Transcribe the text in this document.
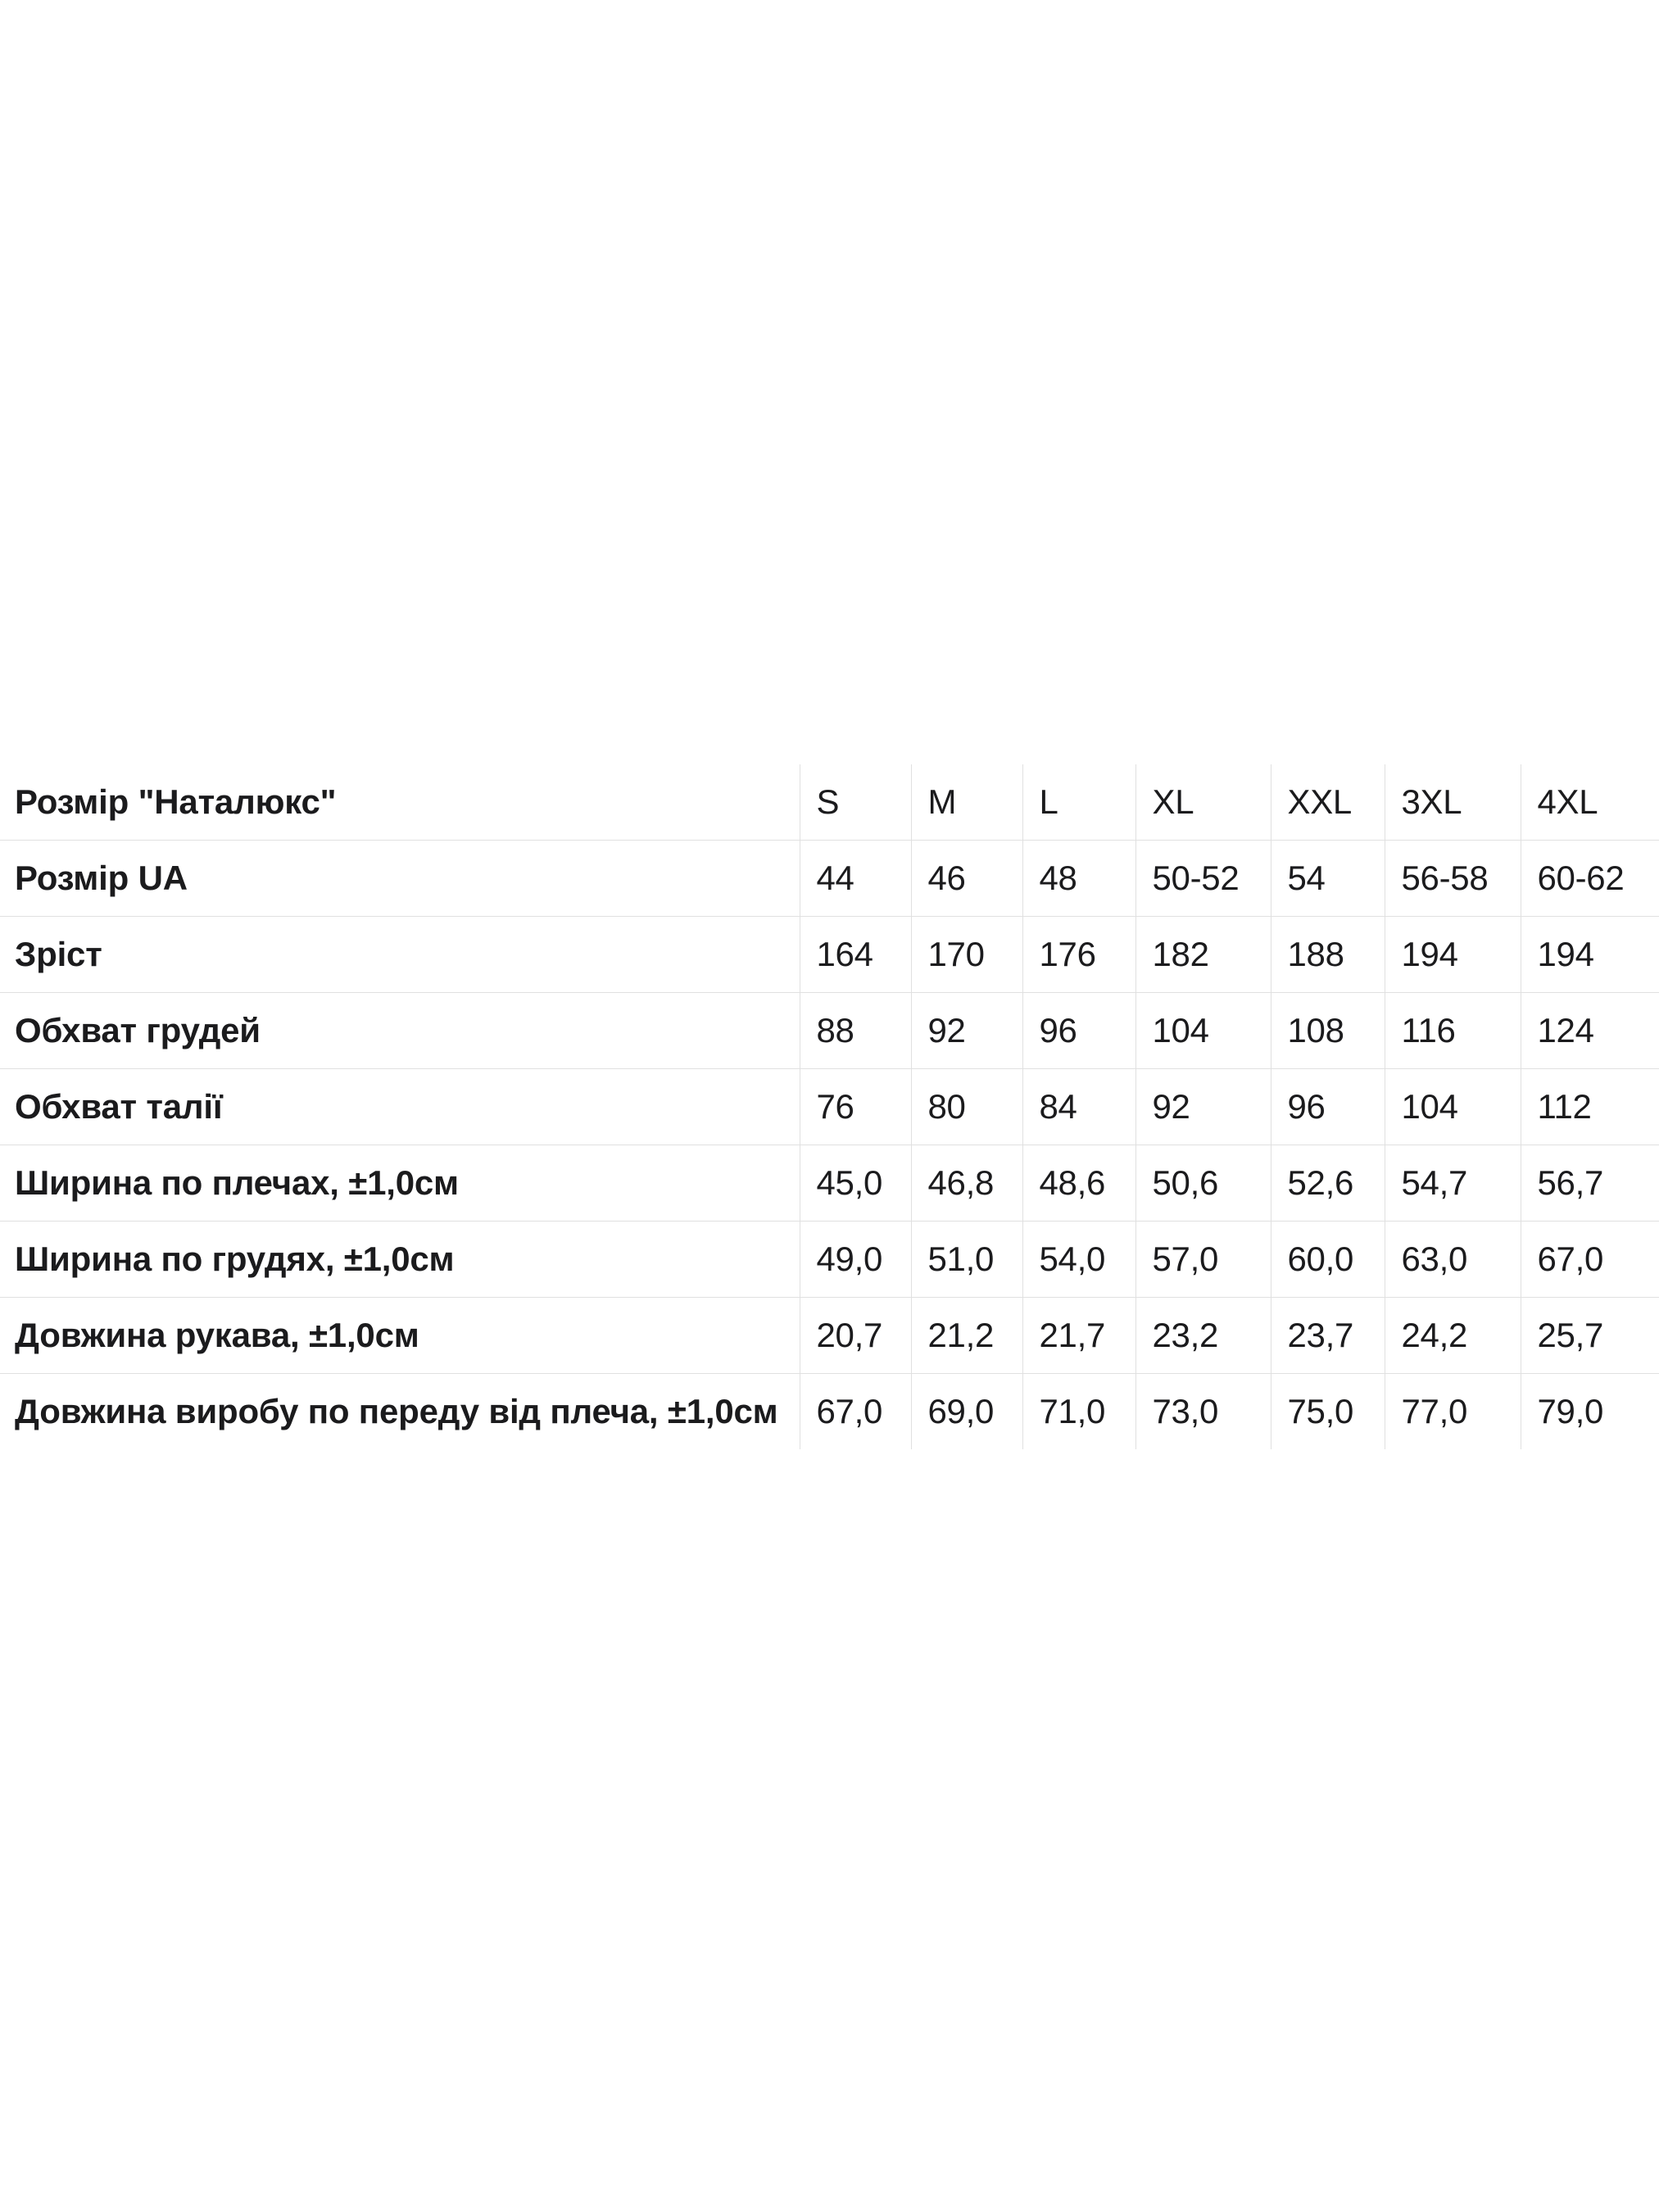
Розмір "Наталюкс"	S	M	L	XL	XXL	3XL	4XL
Розмір UA	44	46	48	50-52	54	56-58	60-62
Зріст	164	170	176	182	188	194	194
Обхват грудей	88	92	96	104	108	116	124
Обхват талії	76	80	84	92	96	104	112
Ширина по плечах, ±1,0см	45,0	46,8	48,6	50,6	52,6	54,7	56,7
Ширина по грудях, ±1,0см	49,0	51,0	54,0	57,0	60,0	63,0	67,0
Довжина рукава, ±1,0см	20,7	21,2	21,7	23,2	23,7	24,2	25,7
Довжина виробу по переду від плеча, ±1,0см	67,0	69,0	71,0	73,0	75,0	77,0	79,0
